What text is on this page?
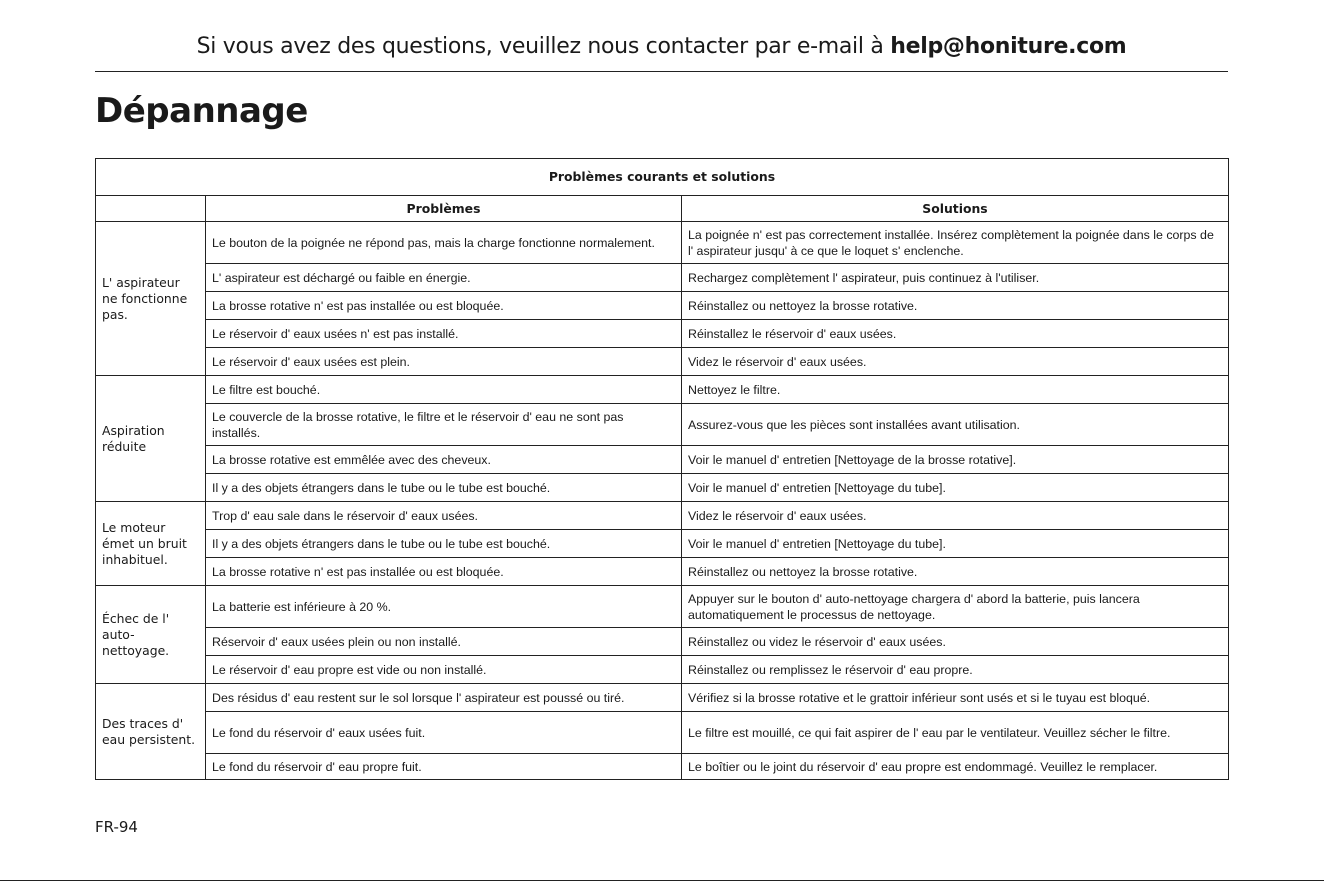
Si vous avez des questions, veuillez nous contacter par e-mail à help@honiture.com
Dépannage
Problèmes courants et solutions		
	Problèmes	Solutions
L' aspirateur ne fonctionne pas.	Le bouton de la poignée ne répond pas, mais la charge fonctionne normalement.	La poignée n' est pas correctement installée. Insérez complètement la poignée dans le corps de l' aspirateur jusqu' à ce que le loquet s' enclenche.
	L' aspirateur est déchargé ou faible en énergie.	Rechargez complètement l' aspirateur, puis continuez à l'utiliser.
	La brosse rotative n' est pas installée ou est bloquée.	Réinstallez ou nettoyez la brosse rotative.
	Le réservoir d' eaux usées n' est pas installé.	Réinstallez le réservoir d' eaux usées.
	Le réservoir d' eaux usées est plein.	Videz le réservoir d' eaux usées.
Aspiration réduite	Le filtre est bouché.	Nettoyez le filtre.
	Le couvercle de la brosse rotative, le filtre et le réservoir d' eau ne sont pas installés.	Assurez-vous que les pièces sont installées avant utilisation.
	La brosse rotative est emmêlée avec des cheveux.	Voir le manuel d' entretien [Nettoyage de la brosse rotative].
	Il y a des objets étrangers dans le tube ou le tube est bouché.	Voir le manuel d' entretien [Nettoyage du tube].
Le moteur émet un bruit inhabituel.	Trop d' eau sale dans le réservoir d' eaux usées.	Videz le réservoir d' eaux usées.
	Il y a des objets étrangers dans le tube ou le tube est bouché.	Voir le manuel d' entretien [Nettoyage du tube].
	La brosse rotative n' est pas installée ou est bloquée.	Réinstallez ou nettoyez la brosse rotative.
Échec de l' auto-nettoyage.	La batterie est inférieure à 20 %.	Appuyer sur le bouton d' auto-nettoyage chargera d' abord la batterie, puis lancera automatiquement le processus de nettoyage.
	Réservoir d' eaux usées plein ou non installé.	Réinstallez ou videz le réservoir d' eaux usées.
	Le réservoir d' eau propre est vide ou non installé.	Réinstallez ou remplissez le réservoir d' eau propre.
Des traces d' eau persistent.	Des résidus d' eau restent sur le sol lorsque l' aspirateur est poussé ou tiré.	Vérifiez si la brosse rotative et le grattoir inférieur sont usés et si le tuyau est bloqué.
	Le fond du réservoir d' eaux usées fuit.	Le filtre est mouillé, ce qui fait aspirer de l' eau par le ventilateur. Veuillez sécher le filtre.
	Le fond du réservoir d' eau propre fuit.	Le boîtier ou le joint du réservoir d' eau propre est endommagé. Veuillez le remplacer.
FR-94
